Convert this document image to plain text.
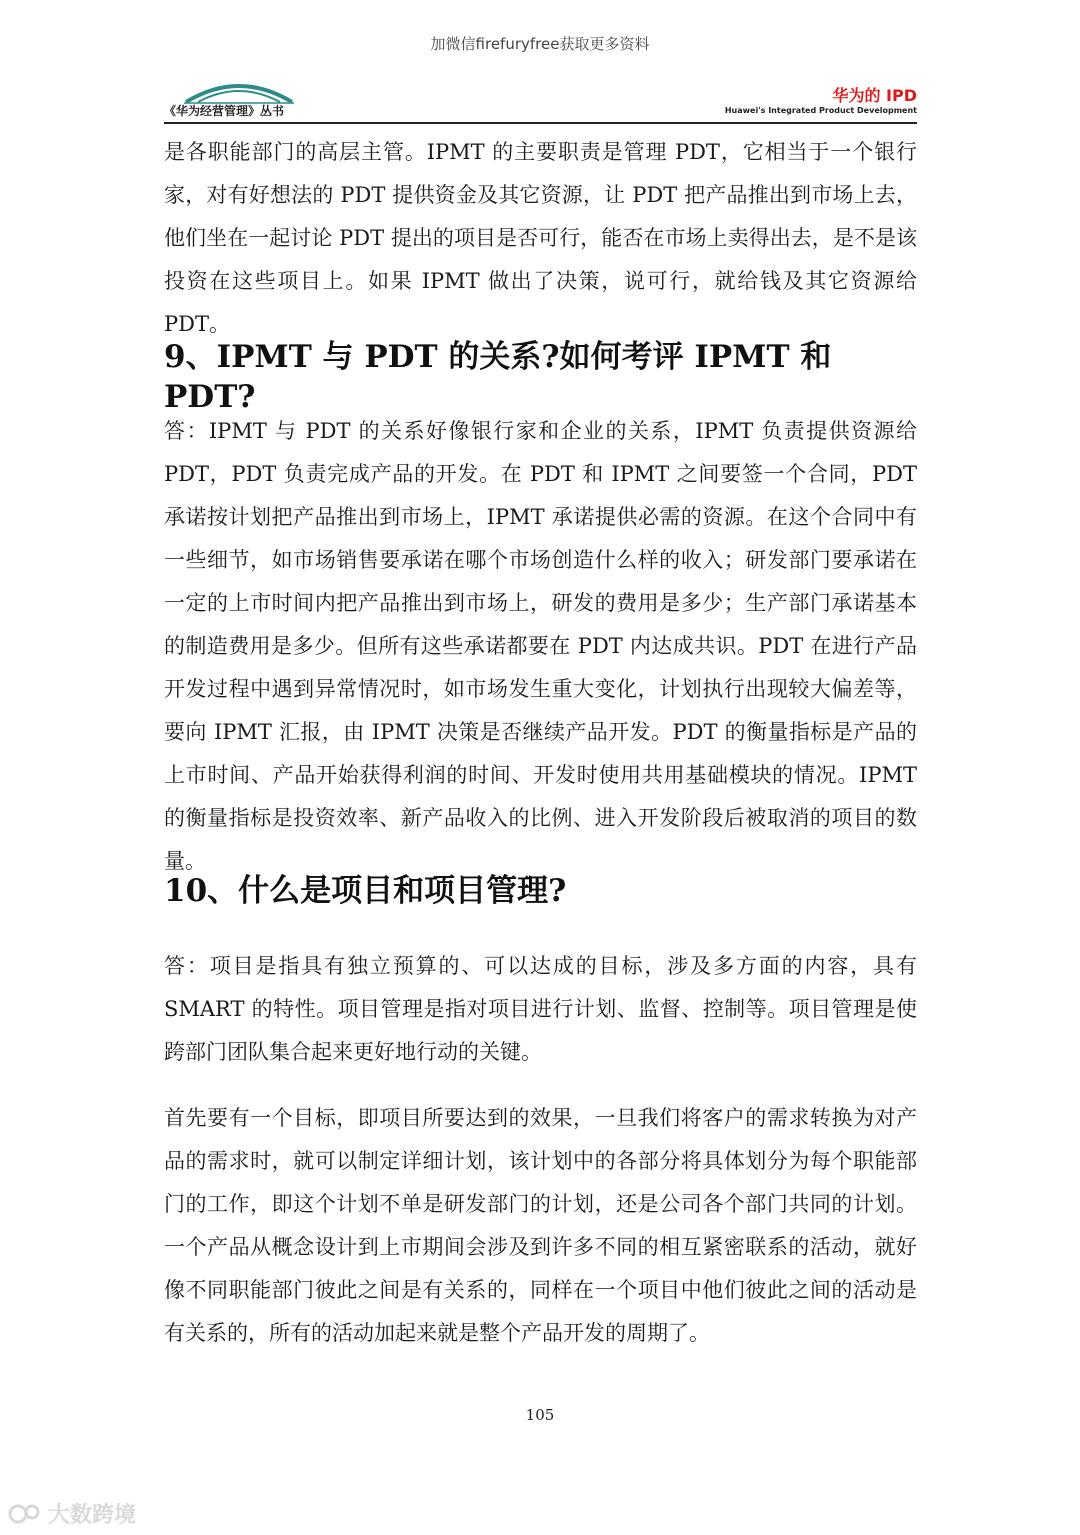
加微信firefuryfree获取更多资料
《华为经营管理》丛书
华为的 IPD
Huawei's Integrated Product Development

是各职能部门的高层主管。IPMT 的主要职责是管理 PDT，它相当于一个银行家，对有好想法的 PDT 提供资金及其它资源，让 PDT 把产品推出到市场上去，他们坐在一起讨论 PDT 提出的项目是否可行，能否在市场上卖得出去，是不是该投资在这些项目上。如果 IPMT 做出了决策，说可行，就给钱及其它资源给 PDT。

9、IPMT 与 PDT 的关系?如何考评 IPMT 和 PDT?

答：IPMT 与 PDT 的关系好像银行家和企业的关系，IPMT 负责提供资源给 PDT，PDT 负责完成产品的开发。在 PDT 和 IPMT 之间要签一个合同，PDT 承诺按计划把产品推出到市场上，IPMT 承诺提供必需的资源。在这个合同中有一些细节，如市场销售要承诺在哪个市场创造什么样的收入；研发部门要承诺在一定的上市时间内把产品推出到市场上，研发的费用是多少；生产部门承诺基本的制造费用是多少。但所有这些承诺都要在 PDT 内达成共识。PDT 在进行产品开发过程中遇到异常情况时，如市场发生重大变化，计划执行出现较大偏差等，要向 IPMT 汇报，由 IPMT 决策是否继续产品开发。PDT 的衡量指标是产品的上市时间、产品开始获得利润的时间、开发时使用共用基础模块的情况。IPMT 的衡量指标是投资效率、新产品收入的比例、进入开发阶段后被取消的项目的数量。

10、什么是项目和项目管理?

答：项目是指具有独立预算的、可以达成的目标，涉及多方面的内容，具有 SMART 的特性。项目管理是指对项目进行计划、监督、控制等。项目管理是使跨部门团队集合起来更好地行动的关键。

首先要有一个目标，即项目所要达到的效果，一旦我们将客户的需求转换为对产品的需求时，就可以制定详细计划，该计划中的各部分将具体划分为每个职能部门的工作，即这个计划不单是研发部门的计划，还是公司各个部门共同的计划。一个产品从概念设计到上市期间会涉及到许多不同的相互紧密联系的活动，就好像不同职能部门彼此之间是有关系的，同样在一个项目中他们彼此之间的活动是有关系的，所有的活动加起来就是整个产品开发的周期了。

105
大数跨境
